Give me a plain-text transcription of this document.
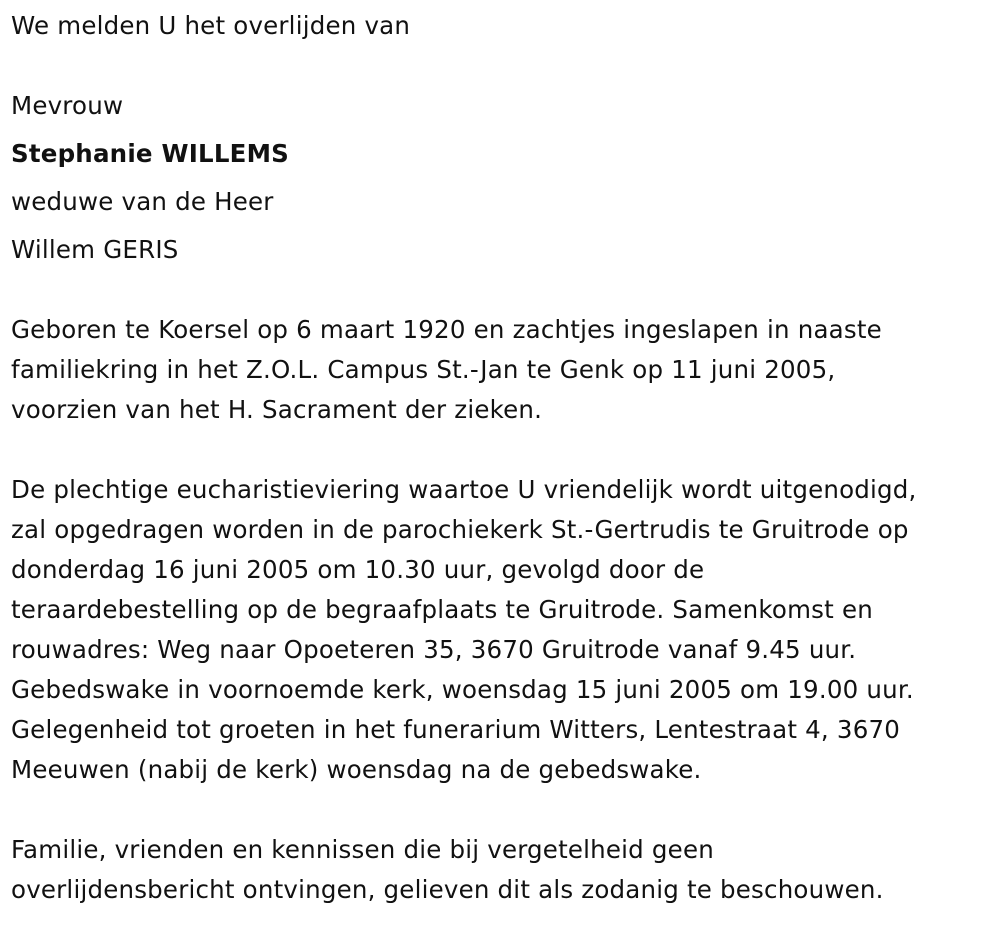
We melden U het overlijden van
Mevrouw
Stephanie WILLEMS
weduwe van de Heer
Willem GERIS
Geboren te Koersel op 6 maart 1920 en zachtjes ingeslapen in naaste
familiekring in het Z.O.L. Campus St.-Jan te Genk op 11 juni 2005,
voorzien van het H. Sacrament der zieken.
De plechtige eucharistieviering waartoe U vriendelijk wordt uitgenodigd,
zal opgedragen worden in de parochiekerk St.-Gertrudis te Gruitrode op
donderdag 16 juni 2005 om 10.30 uur, gevolgd door de
teraardebestelling op de begraafplaats te Gruitrode. Samenkomst en
rouwadres: Weg naar Opoeteren 35, 3670 Gruitrode vanaf 9.45 uur.
Gebedswake in voornoemde kerk, woensdag 15 juni 2005 om 19.00 uur.
Gelegenheid tot groeten in het funerarium Witters, Lentestraat 4, 3670
Meeuwen (nabij de kerk) woensdag na de gebedswake.
Familie, vrienden en kennissen die bij vergetelheid geen
overlijdensbericht ontvingen, gelieven dit als zodanig te beschouwen.
